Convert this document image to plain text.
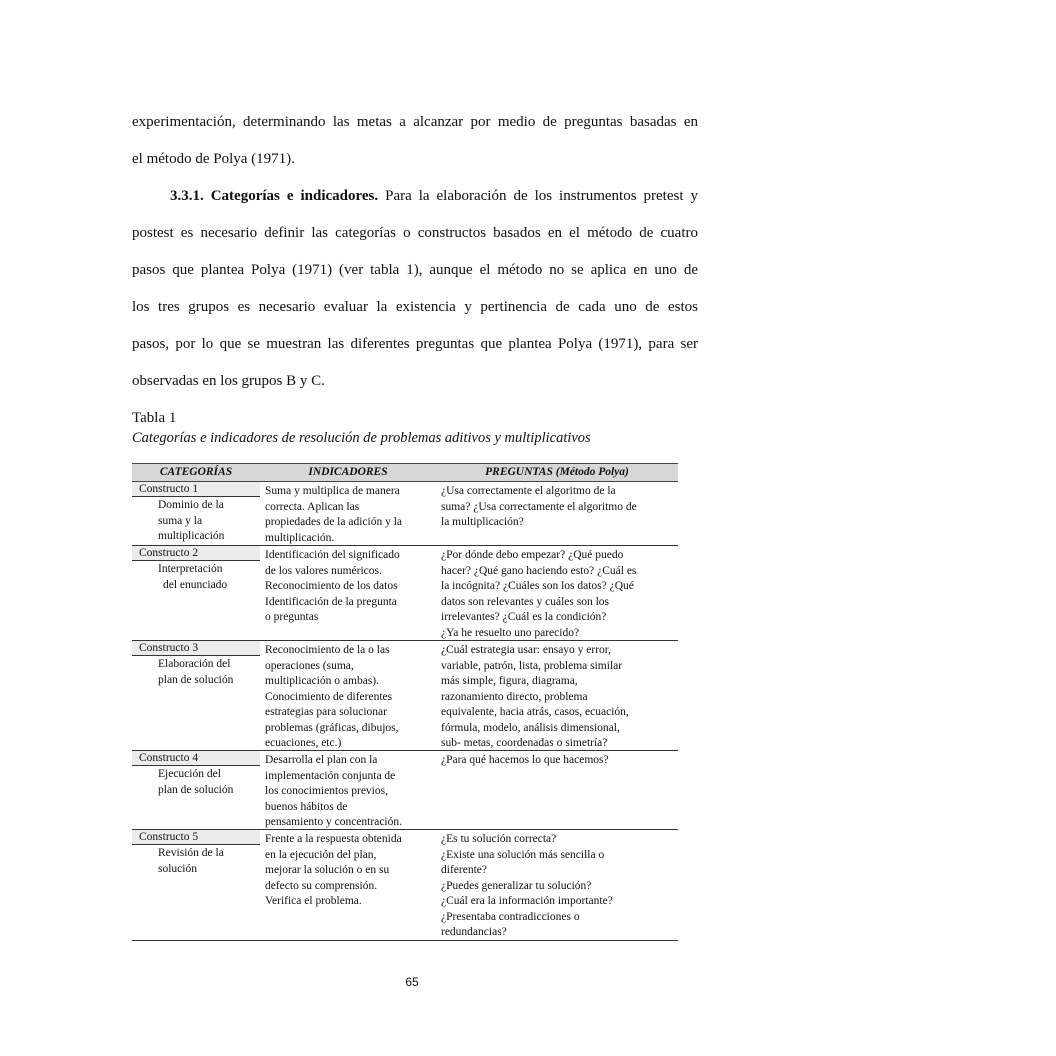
experimentación, determinando las metas a alcanzar por medio de preguntas basadas en
el método de Polya (1971).
3.3.1. Categorías e indicadores. Para la elaboración de los instrumentos pretest y
postest es necesario definir las categorías o constructos basados en el método de cuatro
pasos que plantea Polya (1971) (ver tabla 1), aunque el método no se aplica en uno de
los tres grupos es necesario evaluar la existencia y pertinencia de cada uno de estos
pasos, por lo que se muestran las diferentes preguntas que plantea Polya (1971), para ser
observadas en los grupos B y C.

Tabla 1

Categorías e indicadores de resolución de problemas aditivos y multiplicativos

CATEGORÍAS	INDICADORES	PREGUNTAS (Método Polya)
Constructo 1
Dominio de la
suma y la
multiplicación
Suma y multiplica de manera
correcta. Aplican las
propiedades de la adición y la
multiplicación.
¿Usa correctamente el algoritmo de la
suma? ¿Usa correctamente el algoritmo de
la multiplicación?
Constructo 2
Interpretación
del enunciado
Identificación del significado
de los valores numéricos.
Reconocimiento de los datos
Identificación de la pregunta
o preguntas
¿Por dónde debo empezar? ¿Qué puedo
hacer? ¿Qué gano haciendo esto? ¿Cuál es
la incógnita? ¿Cuáles son los datos? ¿Qué
datos son relevantes y cuáles son los
irrelevantes? ¿Cuál es la condición?
¿Ya he resuelto uno parecido?
Constructo 3
Elaboración del
plan de solución
Reconocimiento de la o las
operaciones (suma,
multiplicación o ambas).
Conocimiento de diferentes
estrategias para solucionar
problemas (gráficas, dibujos,
ecuaciones, etc.)
¿Cuál estrategia usar: ensayo y error,
variable, patrón, lista, problema similar
más simple, figura, diagrama,
razonamiento directo, problema
equivalente, hacia atrás, casos, ecuación,
fórmula, modelo, análisis dimensional,
sub- metas, coordenadas o simetría?
Constructo 4
Ejecución del
plan de solución
Desarrolla el plan con la
implementación conjunta de
los conocimientos previos,
buenos hábitos de
pensamiento y concentración.
¿Para qué hacemos lo que hacemos?
Constructo 5
Revisión de la
solución
Frente a la respuesta obtenida
en la ejecución del plan,
mejorar la solución o en su
defecto su comprensión.
Verifica el problema.
¿Es tu solución correcta?
¿Existe una solución más sencilla o
diferente?
¿Puedes generalizar tu solución?
¿Cuál era la información importante?
¿Presentaba contradicciones o
redundancias?
65
